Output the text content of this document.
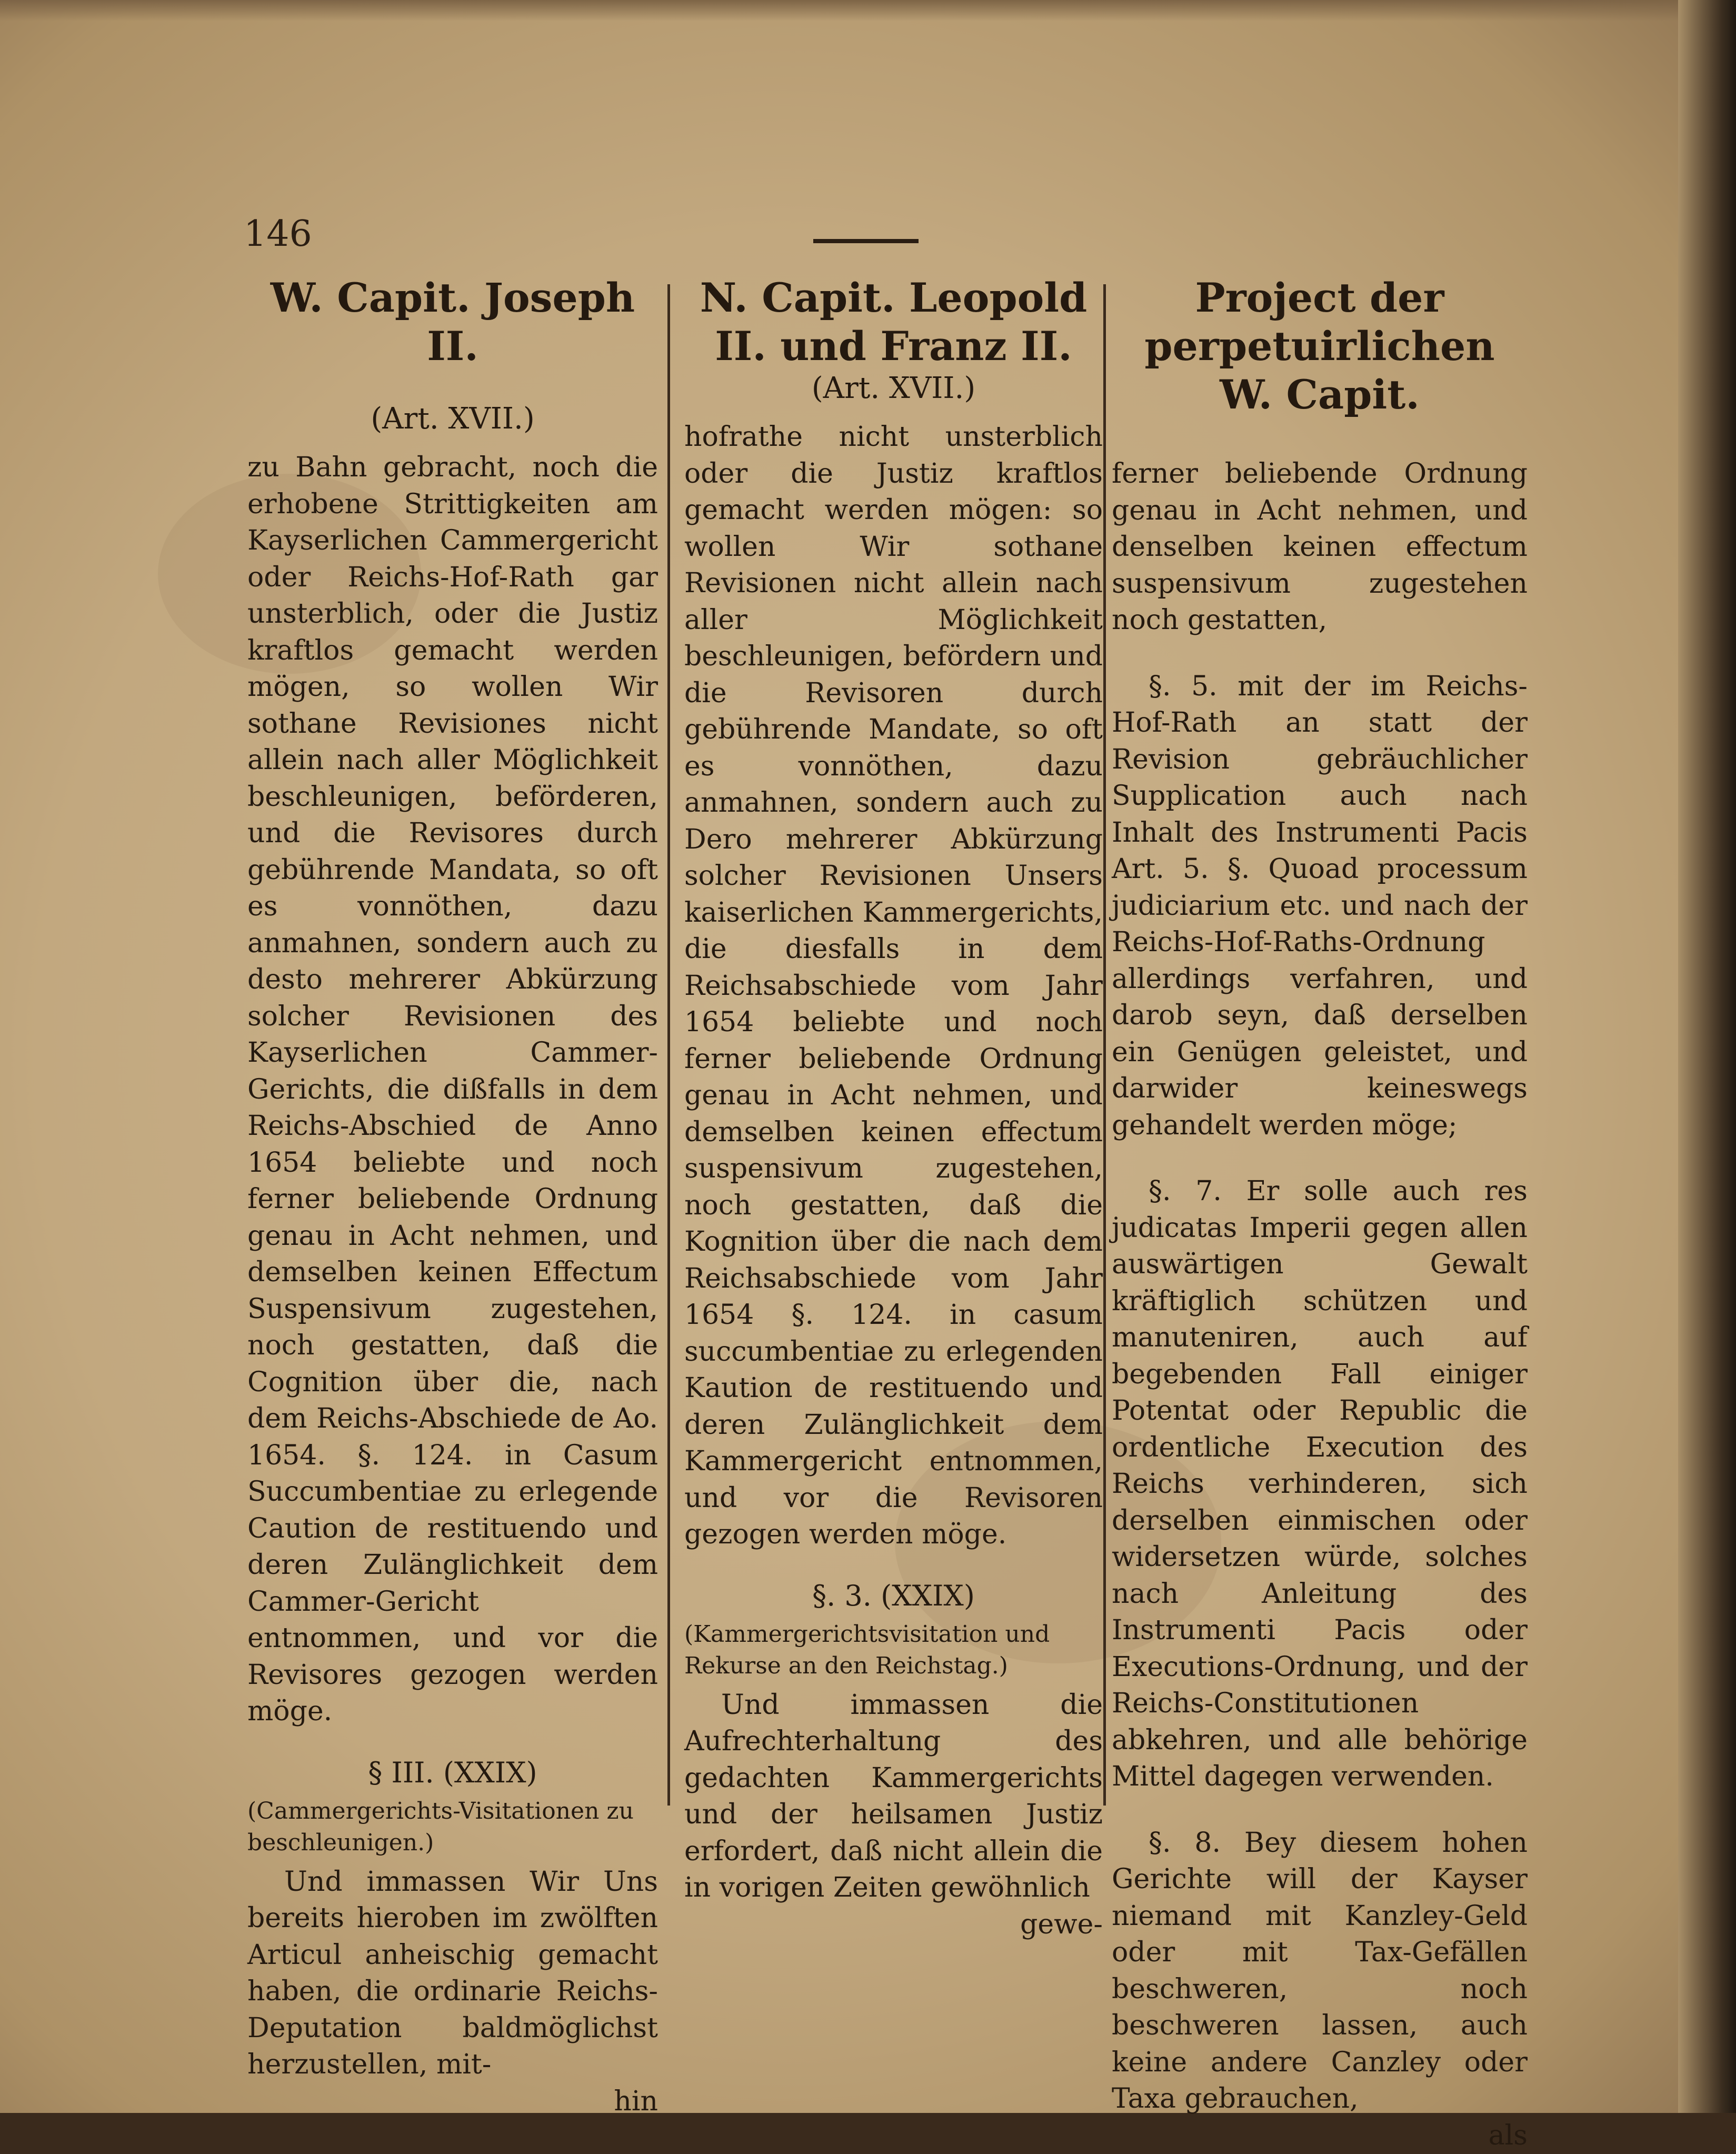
146

W. Capit. Joseph II.

(Art. XVII.)

zu Bahn gebracht, noch die erhobene Strittigkeiten am Kayserlichen Cammergericht oder Reichs-Hof-Rath gar unsterblich, oder die Justiz kraftlos gemacht werden mögen, so wollen Wir sothane Revisiones nicht allein nach aller Möglichkeit beschleunigen, beförderen, und die Revisores durch gebührende Mandata, so oft es vonnöthen, dazu anmahnen, sondern auch zu desto mehrerer Abkürzung solcher Revisionen des Kayserlichen Cammer-Gerichts, die dißfalls in dem Reichs-Abschied de Anno 1654 beliebte und noch ferner beliebende Ordnung genau in Acht nehmen, und demselben keinen Effectum Suspensivum zugestehen, noch gestatten, daß die Cognition über die, nach dem Reichs-Abschiede de Ao. 1654. §. 124. in Casum Succumbentiae zu erlegende Caution de restituendo und deren Zulänglichkeit dem Cammer-Gericht entnommen, und vor die Revisores gezogen werden möge.

§ III. (XXIX)

(Cammergerichts-Visitationen zu beschleunigen.)

Und immassen Wir Uns bereits hieroben im zwölften Articul anheischig gemacht haben, die ordinarie Reichs-Deputation baldmöglichst herzustellen, mit-

hin

N. Capit. Leopold II. und Franz II.

(Art. XVII.)

hofrathe nicht unsterblich oder die Justiz kraftlos gemacht werden mögen: so wollen Wir sothane Revisionen nicht allein nach aller Möglichkeit beschleunigen, befördern und die Revisoren durch gebührende Mandate, so oft es vonnöthen, dazu anmahnen, sondern auch zu Dero mehrerer Abkürzung solcher Revisionen Unsers kaiserlichen Kammergerichts, die diesfalls in dem Reichsabschiede vom Jahr 1654 beliebte und noch ferner beliebende Ordnung genau in Acht nehmen, und demselben keinen effectum suspensivum zugestehen, noch gestatten, daß die Kognition über die nach dem Reichsabschiede vom Jahr 1654 §. 124. in casum succumbentiae zu erlegenden Kaution de restituendo und deren Zulänglichkeit dem Kammergericht entnommen, und vor die Revisoren gezogen werden möge.

§. 3. (XXIX)

(Kammergerichtsvisitation und Rekurse an den Reichstag.)

Und immassen die Aufrechterhaltung des gedachten Kammergerichts und der heilsamen Justiz erfordert, daß nicht allein die in vorigen Zeiten gewöhnlich

gewe-

Project der perpetuirlichen W. Capit.

ferner beliebende Ordnung genau in Acht nehmen, und denselben keinen effectum suspensivum zugestehen noch gestatten,

§. 5. mit der im Reichs-Hof-Rath an statt der Revision gebräuchlicher Supplication auch nach Inhalt des Instrumenti Pacis Art. 5. §. Quoad processum judiciarium etc. und nach der Reichs-Hof-Raths-Ordnung allerdings verfahren, und darob seyn, daß derselben ein Genügen geleistet, und darwider keineswegs gehandelt werden möge;

§. 7. Er solle auch res judicatas Imperii gegen allen auswärtigen Gewalt kräftiglich schützen und manuteniren, auch auf begebenden Fall einiger Potentat oder Republic die ordentliche Execution des Reichs verhinderen, sich derselben einmischen oder widersetzen würde, solches nach Anleitung des Instrumenti Pacis oder Executions-Ordnung, und der Reichs-Constitutionen abkehren, und alle behörige Mittel dagegen verwenden.

§. 8. Bey diesem hohen Gerichte will der Kayser niemand mit Kanzley-Geld oder mit Tax-Gefällen beschweren, noch beschweren lassen, auch keine andere Canzley oder Taxa gebrauchen,

als
